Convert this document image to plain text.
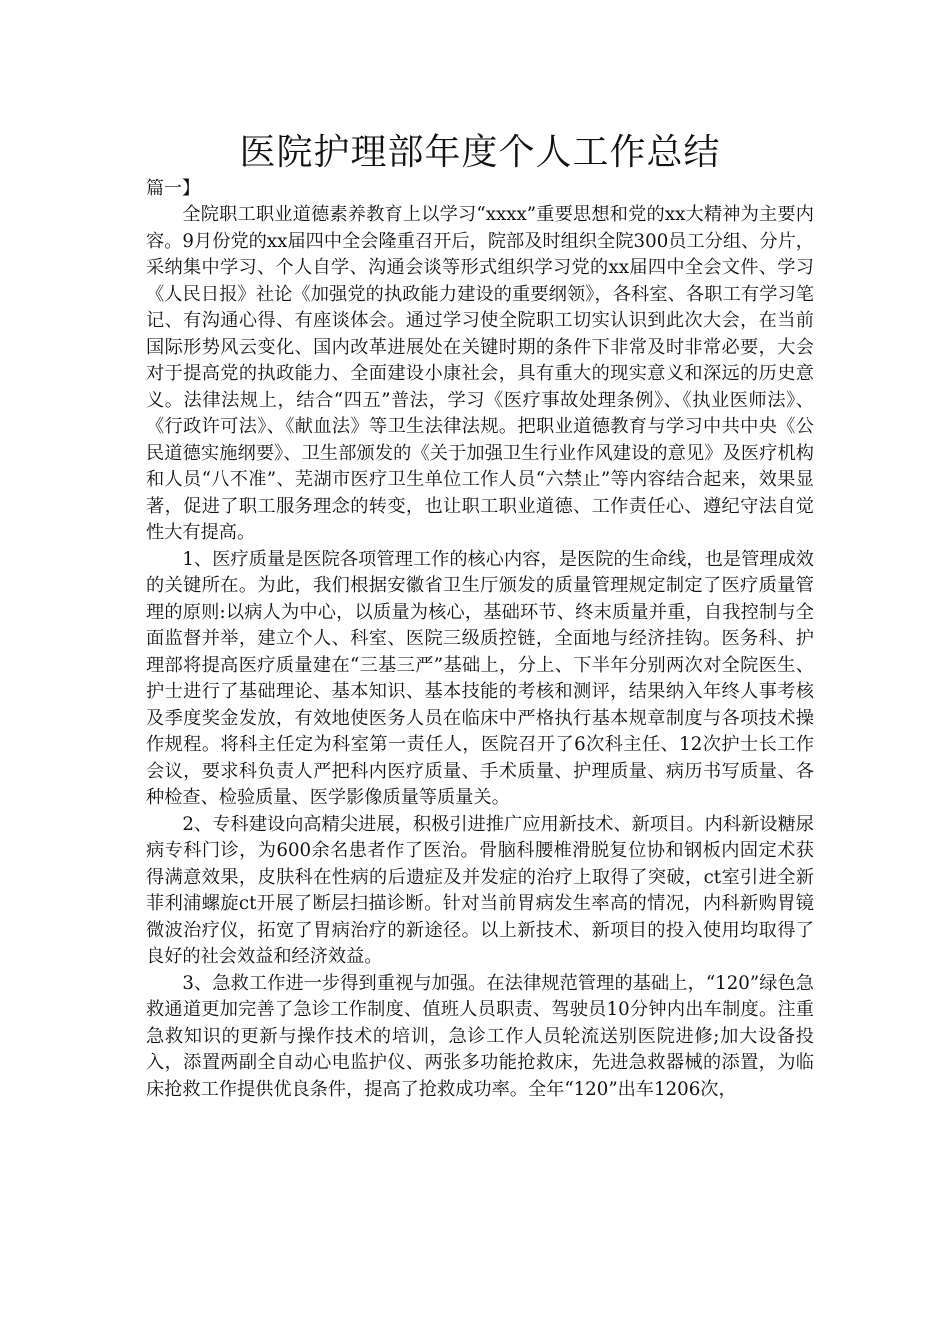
医院护理部年度个人工作总结

篇一】

全院职工职业道德素养教育上以学习“xxxx”重要思想和党的xx大精神为主要内容。9月份党的xx届四中全会隆重召开后，院部及时组织全院300员工分组、分片，采纳集中学习、个人自学、沟通会谈等形式组织学习党的xx届四中全会文件、学习《人民日报》社论《加强党的执政能力建设的重要纲领》，各科室、各职工有学习笔记、有沟通心得、有座谈体会。通过学习使全院职工切实认识到此次大会，在当前国际形势风云变化、国内改革进展处在关键时期的条件下非常及时非常必要，大会对于提高党的执政能力、全面建设小康社会，具有重大的现实意义和深远的历史意义。法律法规上，结合“四五”普法，学习《医疗事故处理条例》、《执业医师法》、《行政许可法》、《献血法》等卫生法律法规。把职业道德教育与学习中共中央《公民道德实施纲要》、卫生部颁发的《关于加强卫生行业作风建设的意见》及医疗机构和人员“八不准”、芜湖市医疗卫生单位工作人员“六禁止”等内容结合起来，效果显著，促进了职工服务理念的转变，也让职工职业道德、工作责任心、遵纪守法自觉性大有提高。

1、医疗质量是医院各项管理工作的核心内容，是医院的生命线，也是管理成效的关键所在。为此，我们根据安徽省卫生厅颁发的质量管理规定制定了医疗质量管理的原则:以病人为中心，以质量为核心，基础环节、终末质量并重，自我控制与全面监督并举，建立个人、科室、医院三级质控链，全面地与经济挂钩。医务科、护理部将提高医疗质量建在“三基三严”基础上，分上、下半年分别两次对全院医生、护士进行了基础理论、基本知识、基本技能的考核和测评，结果纳入年终人事考核及季度奖金发放，有效地使医务人员在临床中严格执行基本规章制度与各项技术操作规程。将科主任定为科室第一责任人，医院召开了6次科主任、12次护士长工作会议，要求科负责人严把科内医疗质量、手术质量、护理质量、病历书写质量、各种检查、检验质量、医学影像质量等质量关。

2、专科建设向高精尖进展，积极引进推广应用新技术、新项目。内科新设糖尿病专科门诊，为600余名患者作了医治。骨脑科腰椎滑脱复位协和钢板内固定术获得满意效果，皮肤科在性病的后遗症及并发症的治疗上取得了突破，ct室引进全新菲利浦螺旋ct开展了断层扫描诊断。针对当前胃病发生率高的情况，内科新购胃镜微波治疗仪，拓宽了胃病治疗的新途径。以上新技术、新项目的投入使用均取得了良好的社会效益和经济效益。

3、急救工作进一步得到重视与加强。在法律规范管理的基础上，“120”绿色急救通道更加完善了急诊工作制度、值班人员职责、驾驶员10分钟内出车制度。注重急救知识的更新与操作技术的培训，急诊工作人员轮流送别医院进修;加大设备投入，添置两副全自动心电监护仪、两张多功能抢救床，先进急救器械的添置，为临床抢救工作提供优良条件，提高了抢救成功率。全年“120”出车1206次，
